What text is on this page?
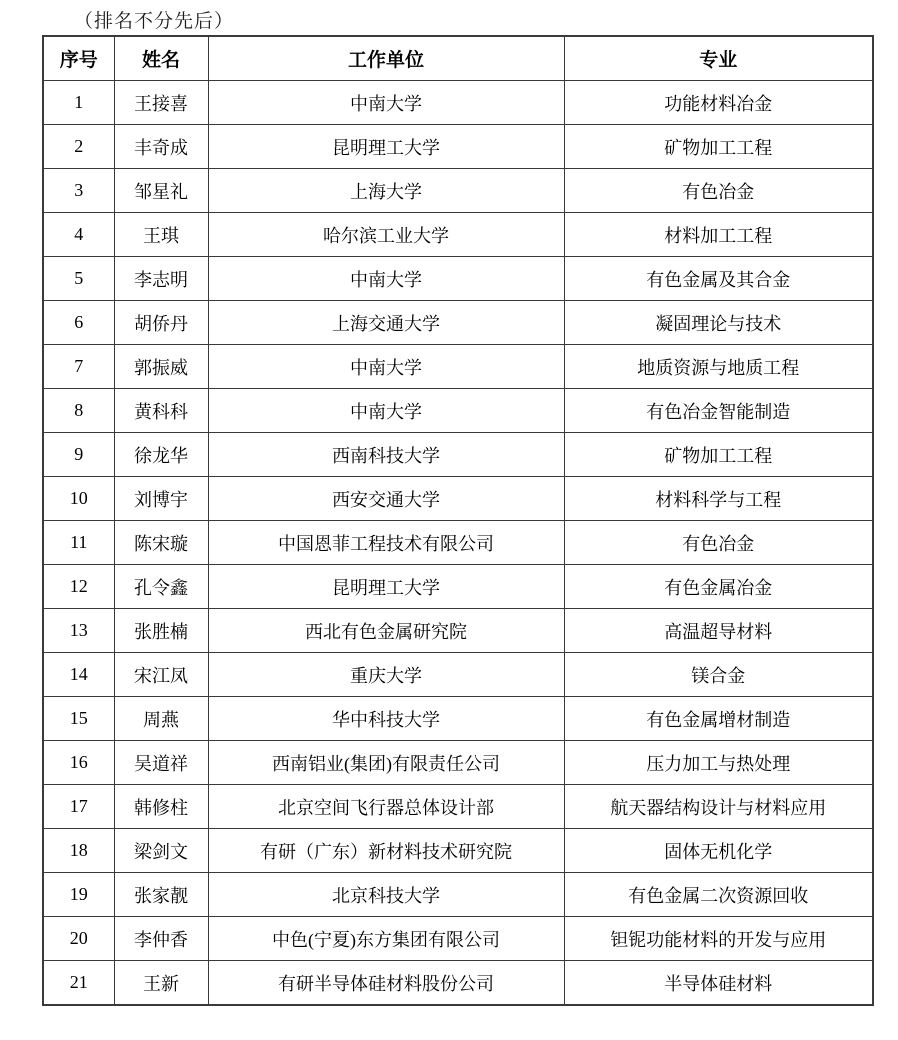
（排名不分先后）
序号	姓名	工作单位	专业
1	王接喜	中南大学	功能材料冶金
2	丰奇成	昆明理工大学	矿物加工工程
3	邹星礼	上海大学	有色冶金
4	王琪	哈尔滨工业大学	材料加工工程
5	李志明	中南大学	有色金属及其合金
6	胡侨丹	上海交通大学	凝固理论与技术
7	郭振威	中南大学	地质资源与地质工程
8	黄科科	中南大学	有色冶金智能制造
9	徐龙华	西南科技大学	矿物加工工程
10	刘博宇	西安交通大学	材料科学与工程
11	陈宋璇	中国恩菲工程技术有限公司	有色冶金
12	孔令鑫	昆明理工大学	有色金属冶金
13	张胜楠	西北有色金属研究院	高温超导材料
14	宋江凤	重庆大学	镁合金
15	周燕	华中科技大学	有色金属增材制造
16	吴道祥	西南铝业(集团)有限责任公司	压力加工与热处理
17	韩修柱	北京空间飞行器总体设计部	航天器结构设计与材料应用
18	梁剑文	有研（广东）新材料技术研究院	固体无机化学
19	张家靓	北京科技大学	有色金属二次资源回收
20	李仲香	中色(宁夏)东方集团有限公司	钽铌功能材料的开发与应用
21	王新	有研半导体硅材料股份公司	半导体硅材料
